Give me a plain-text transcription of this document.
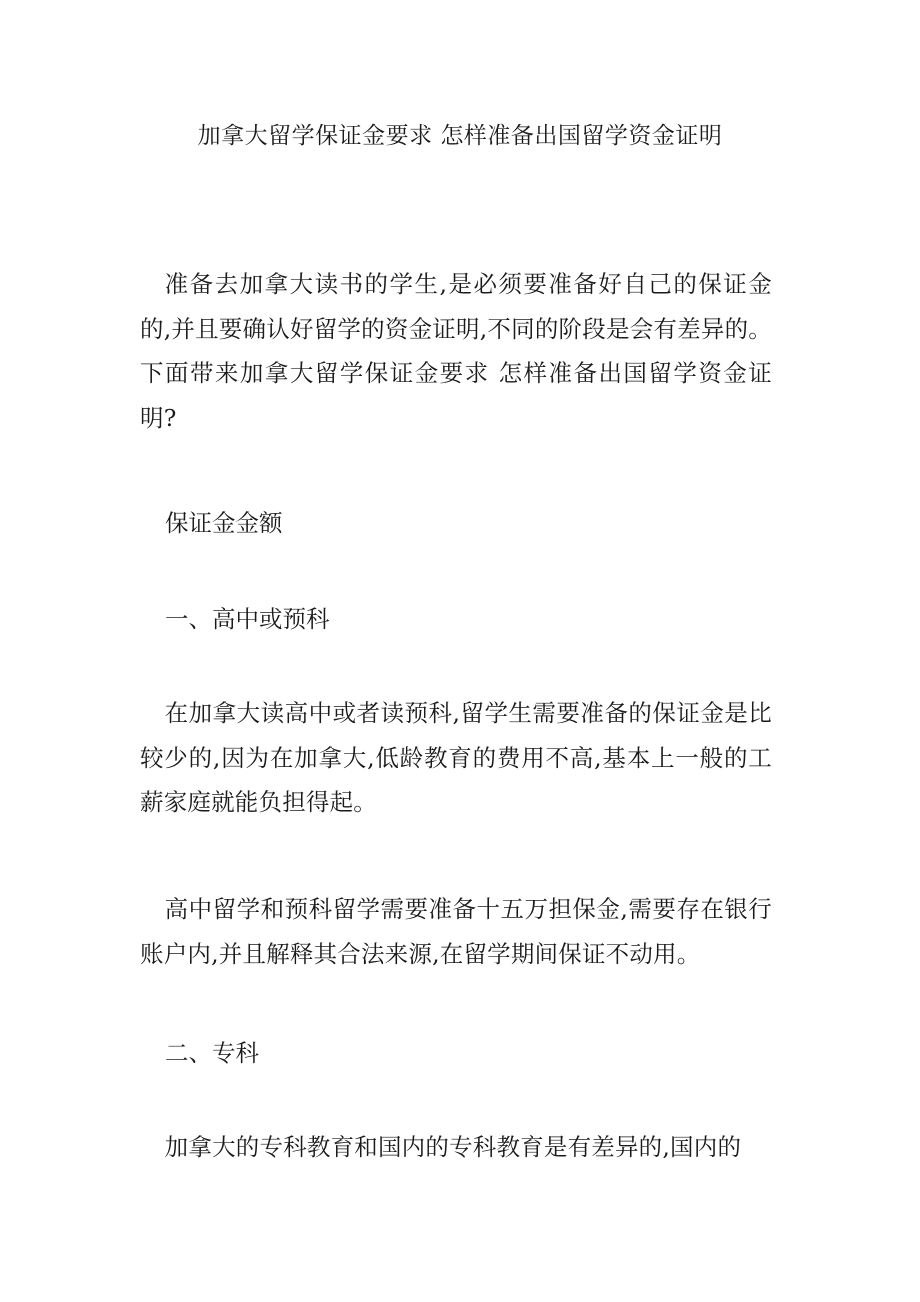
加拿大留学保证金要求 怎样准备出国留学资金证明

准备去加拿大读书的学生,是必须要准备好自己的保证金的,并且要确认好留学的资金证明,不同的阶段是会有差异的。下面带来加拿大留学保证金要求 怎样准备出国留学资金证明?

保证金金额
一、高中或预科

在加拿大读高中或者读预科,留学生需要准备的保证金是比较少的,因为在加拿大,低龄教育的费用不高,基本上一般的工薪家庭就能负担得起。

高中留学和预科留学需要准备十五万担保金,需要存在银行账户内,并且解释其合法来源,在留学期间保证不动用。

二、专科

加拿大的专科教育和国内的专科教育是有差异的,国内的
